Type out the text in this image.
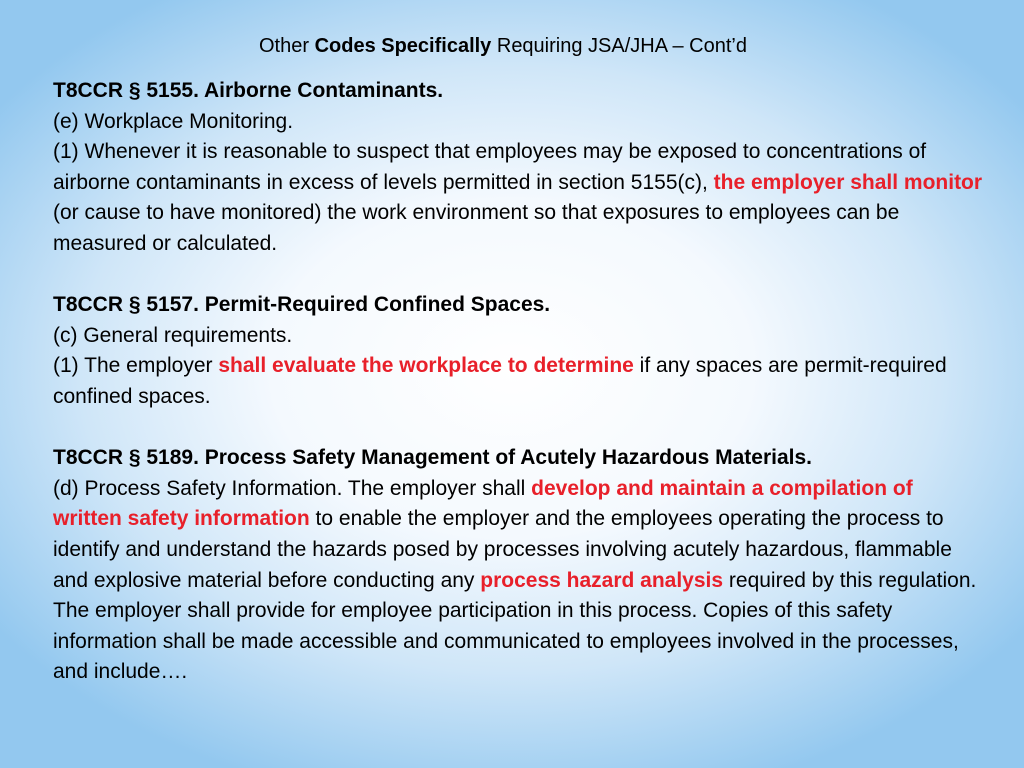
Other Codes Specifically Requiring JSA/JHA – Cont’d

T8CCR § 5155. Airborne Contaminants.

(e) Workplace Monitoring.

(1) Whenever it is reasonable to suspect that employees may be exposed to concentrations of airborne contaminants in excess of levels permitted in section 5155(c), the employer shall monitor (or cause to have monitored) the work environment so that exposures to employees can be measured or calculated.

T8CCR § 5157. Permit-Required Confined Spaces.

(c) General requirements.

(1) The employer shall evaluate the workplace to determine if any spaces are permit-required confined spaces.

T8CCR § 5189. Process Safety Management of Acutely Hazardous Materials.

(d) Process Safety Information. The employer shall develop and maintain a compilation of written safety information to enable the employer and the employees operating the process to identify and understand the hazards posed by processes involving acutely hazardous, flammable and explosive material before conducting any process hazard analysis required by this regulation. The employer shall provide for employee participation in this process. Copies of this safety information shall be made accessible and communicated to employees involved in the processes, and include….
